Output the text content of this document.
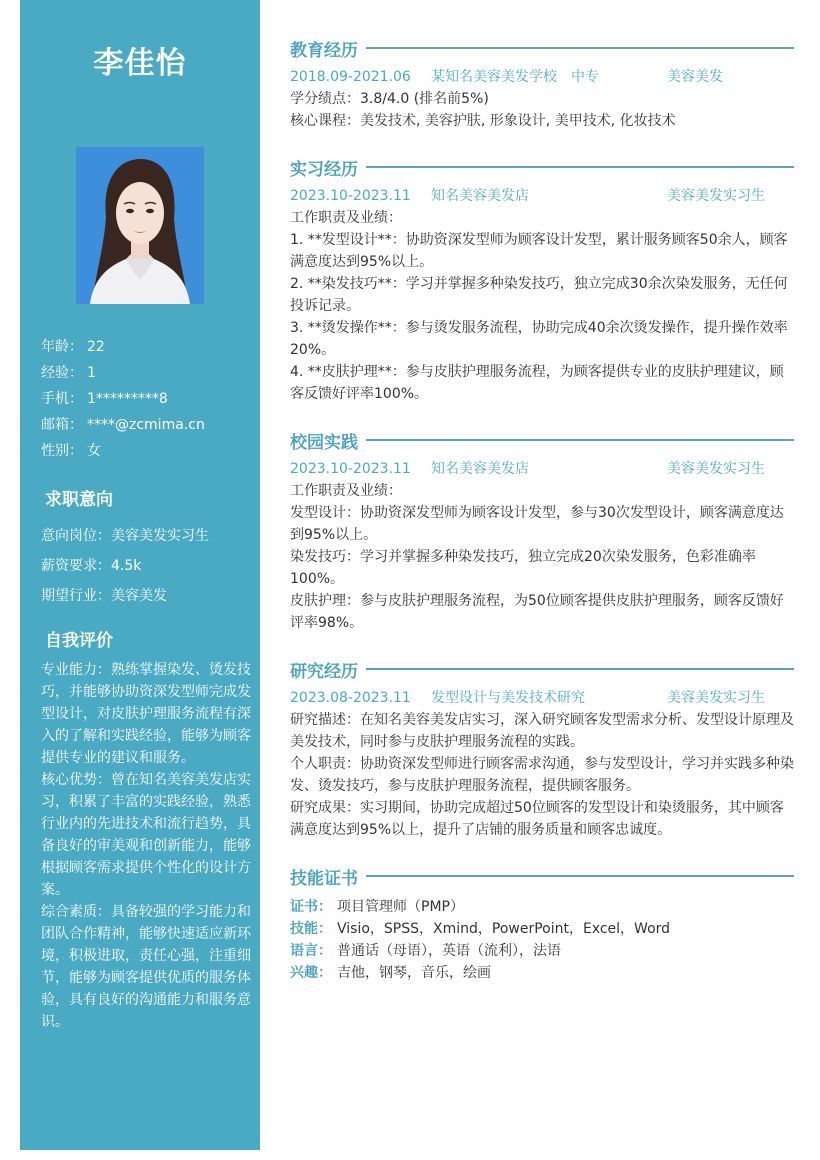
李佳怡
年龄： 22
经验： 1
手机： 1*********8
邮箱： ****@zcmima.cn
性别： 女
求职意向
意向岗位：美容美发实习生
薪资要求：4.5k
期望行业：美容美发
自我评价

专业能力：熟练掌握染发、烫发技巧，并能够协助资深发型师完成发型设计，对皮肤护理服务流程有深入的了解和实践经验，能够为顾客提供专业的建议和服务。

核心优势：曾在知名美容美发店实习，积累了丰富的实践经验，熟悉行业内的先进技术和流行趋势，具备良好的审美观和创新能力，能够根据顾客需求提供个性化的设计方案。

综合素质：具备较强的学习能力和团队合作精神，能够快速适应新环境，积极进取，责任心强，注重细节，能够为顾客提供优质的服务体验，具有良好的沟通能力和服务意识。

教育经历
2018.09-2021.06	某知名美容美发学校　中专	美容美发

学分绩点：3.8/4.0 (排名前5%)

核心课程：美发技术, 美容护肤, 形象设计, 美甲技术, 化妆技术

实习经历
2023.10-2023.11	知名美容美发店	美容美发实习生

工作职责及业绩：

1. **发型设计**：协助资深发型师为顾客设计发型，累计服务顾客50余人，顾客满意度达到95%以上。

2. **染发技巧**：学习并掌握多种染发技巧，独立完成30余次染发服务，无任何投诉记录。

3. **烫发操作**：参与烫发服务流程，协助完成40余次烫发操作，提升操作效率20%。

4. **皮肤护理**：参与皮肤护理服务流程，为顾客提供专业的皮肤护理建议，顾客反馈好评率100%。

校园实践
2023.10-2023.11	知名美容美发店	美容美发实习生

工作职责及业绩：

发型设计：协助资深发型师为顾客设计发型，参与30次发型设计，顾客满意度达到95%以上。

染发技巧：学习并掌握多种染发技巧，独立完成20次染发服务，色彩准确率100%。

皮肤护理：参与皮肤护理服务流程，为50位顾客提供皮肤护理服务，顾客反馈好评率98%。

研究经历
2023.08-2023.11	发型设计与美发技术研究	美容美发实习生

研究描述：在知名美容美发店实习，深入研究顾客发型需求分析、发型设计原理及美发技术，同时参与皮肤护理服务流程的实践。

个人职责：协助资深发型师进行顾客需求沟通，参与发型设计，学习并实践多种染发、烫发技巧，参与皮肤护理服务流程，提供顾客服务。

研究成果：实习期间，协助完成超过50位顾客的发型设计和染烫服务，其中顾客满意度达到95%以上，提升了店铺的服务质量和顾客忠诚度。

技能证书
证书： 项目管理师（PMP）
技能： Visio，SPSS，Xmind，PowerPoint，Excel，Word
语言： 普通话（母语），英语（流利），法语
兴趣： 吉他，钢琴，音乐，绘画
